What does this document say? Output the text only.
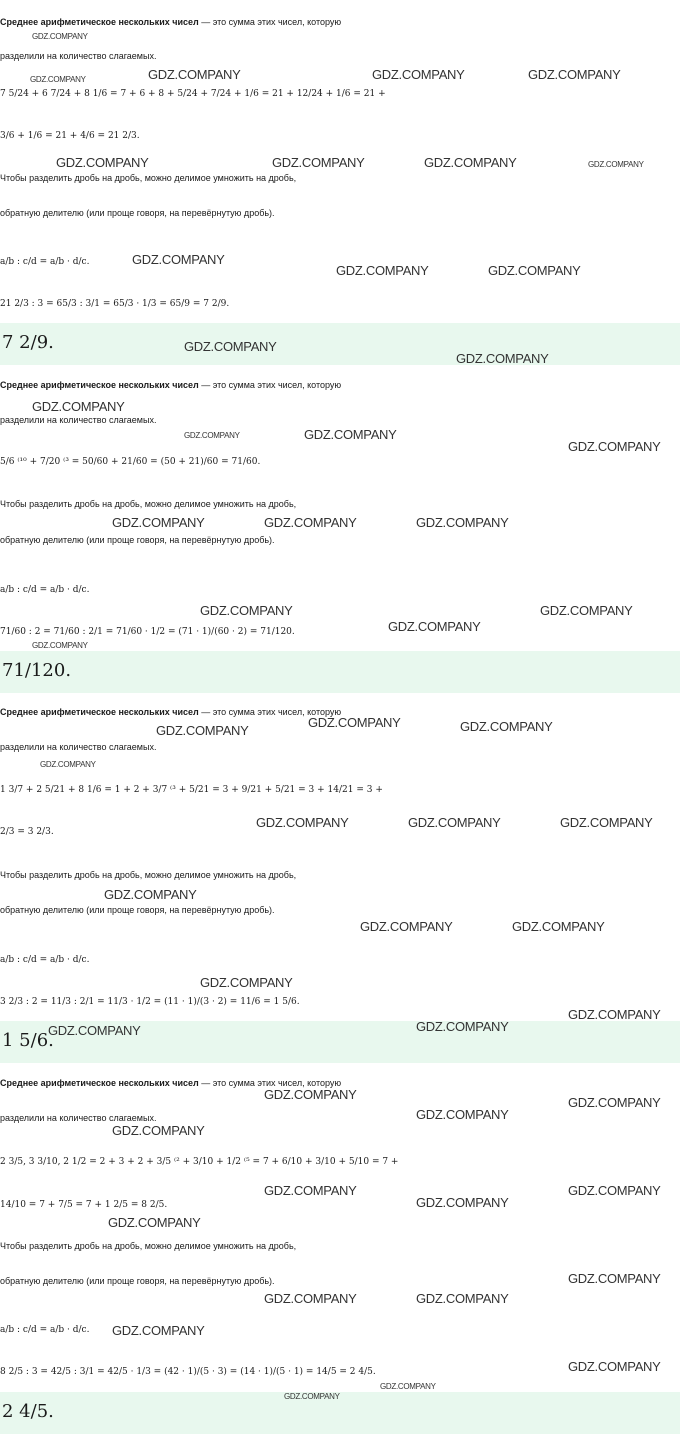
Среднее арифметическое нескольких чисел — это сумма этих чисел, которую
разделили на количество слагаемых.
7 5/24 + 6 7/24 + 8 1/6 = 7 + 6 + 8 + 5/24 + 7/24 + 1/6 = 21 + 12/24 + 1/6 = 21 +
3/6 + 1/6 = 21 + 4/6 = 21 2/3.
Чтобы разделить дробь на дробь, можно делимое умножить на дробь,
обратную делителю (или проще говоря, на перевёрнутую дробь).
a/b : c/d = a/b · d/c.
21 2/3 : 3 = 65/3 : 3/1 = 65/3 · 1/3 = 65/9 = 7 2/9.
7 2/9.
Среднее арифметическое нескольких чисел — это сумма этих чисел, которую
разделили на количество слагаемых.
5/6 ⁽¹⁰ + 7/20 ⁽³ = 50/60 + 21/60 = (50 + 21)/60 = 71/60.
Чтобы разделить дробь на дробь, можно делимое умножить на дробь,
обратную делителю (или проще говоря, на перевёрнутую дробь).
a/b : c/d = a/b · d/c.
71/60 : 2 = 71/60 : 2/1 = 71/60 · 1/2 = (71 · 1)/(60 · 2) = 71/120.
71/120.
Среднее арифметическое нескольких чисел — это сумма этих чисел, которую
разделили на количество слагаемых.
1 3/7 + 2 5/21 + 8 1/6 = 1 + 2 + 3/7 ⁽³ + 5/21 = 3 + 9/21 + 5/21 = 3 + 14/21 = 3 +
2/3 = 3 2/3.
Чтобы разделить дробь на дробь, можно делимое умножить на дробь,
обратную делителю (или проще говоря, на перевёрнутую дробь).
a/b : c/d = a/b · d/c.
3 2/3 : 2 = 11/3 : 2/1 = 11/3 · 1/2 = (11 · 1)/(3 · 2) = 11/6 = 1 5/6.
1 5/6.
Среднее арифметическое нескольких чисел — это сумма этих чисел, которую
разделили на количество слагаемых.
2 3/5, 3 3/10, 2 1/2 = 2 + 3 + 2 + 3/5 ⁽² + 3/10 + 1/2 ⁽⁵ = 7 + 6/10 + 3/10 + 5/10 = 7 +
14/10 = 7 + 7/5 = 7 + 1 2/5 = 8 2/5.
Чтобы разделить дробь на дробь, можно делимое умножить на дробь,
обратную делителю (или проще говоря, на перевёрнутую дробь).
a/b : c/d = a/b · d/c.
8 2/5 : 3 = 42/5 : 3/1 = 42/5 · 1/3 = (42 · 1)/(5 · 3) = (14 · 1)/(5 · 1) = 14/5 = 2 4/5.
2 4/5.
GDZ.COMPANY
GDZ.COMPANY	GDZ.COMPANY	GDZ.COMPANY	GDZ.COMPANY
GDZ.COMPANY	GDZ.COMPANY	GDZ.COMPANY	GDZ.COMPANY
GDZ.COMPANY
GDZ.COMPANY	GDZ.COMPANY
GDZ.COMPANY
GDZ.COMPANY
GDZ.COMPANY
GDZ.COMPANY	GDZ.COMPANY
GDZ.COMPANY
GDZ.COMPANY	GDZ.COMPANY	GDZ.COMPANY
GDZ.COMPANY	GDZ.COMPANY
GDZ.COMPANY
GDZ.COMPANY
GDZ.COMPANY
GDZ.COMPANY	GDZ.COMPANY
GDZ.COMPANY
GDZ.COMPANY	GDZ.COMPANY	GDZ.COMPANY
GDZ.COMPANY
GDZ.COMPANY	GDZ.COMPANY
GDZ.COMPANY
GDZ.COMPANY
GDZ.COMPANY
GDZ.COMPANY
GDZ.COMPANY
GDZ.COMPANY
GDZ.COMPANY
GDZ.COMPANY
GDZ.COMPANY	GDZ.COMPANY
GDZ.COMPANY
GDZ.COMPANY
GDZ.COMPANY
GDZ.COMPANY	GDZ.COMPANY
GDZ.COMPANY
GDZ.COMPANY
GDZ.COMPANY
GDZ.COMPANY
